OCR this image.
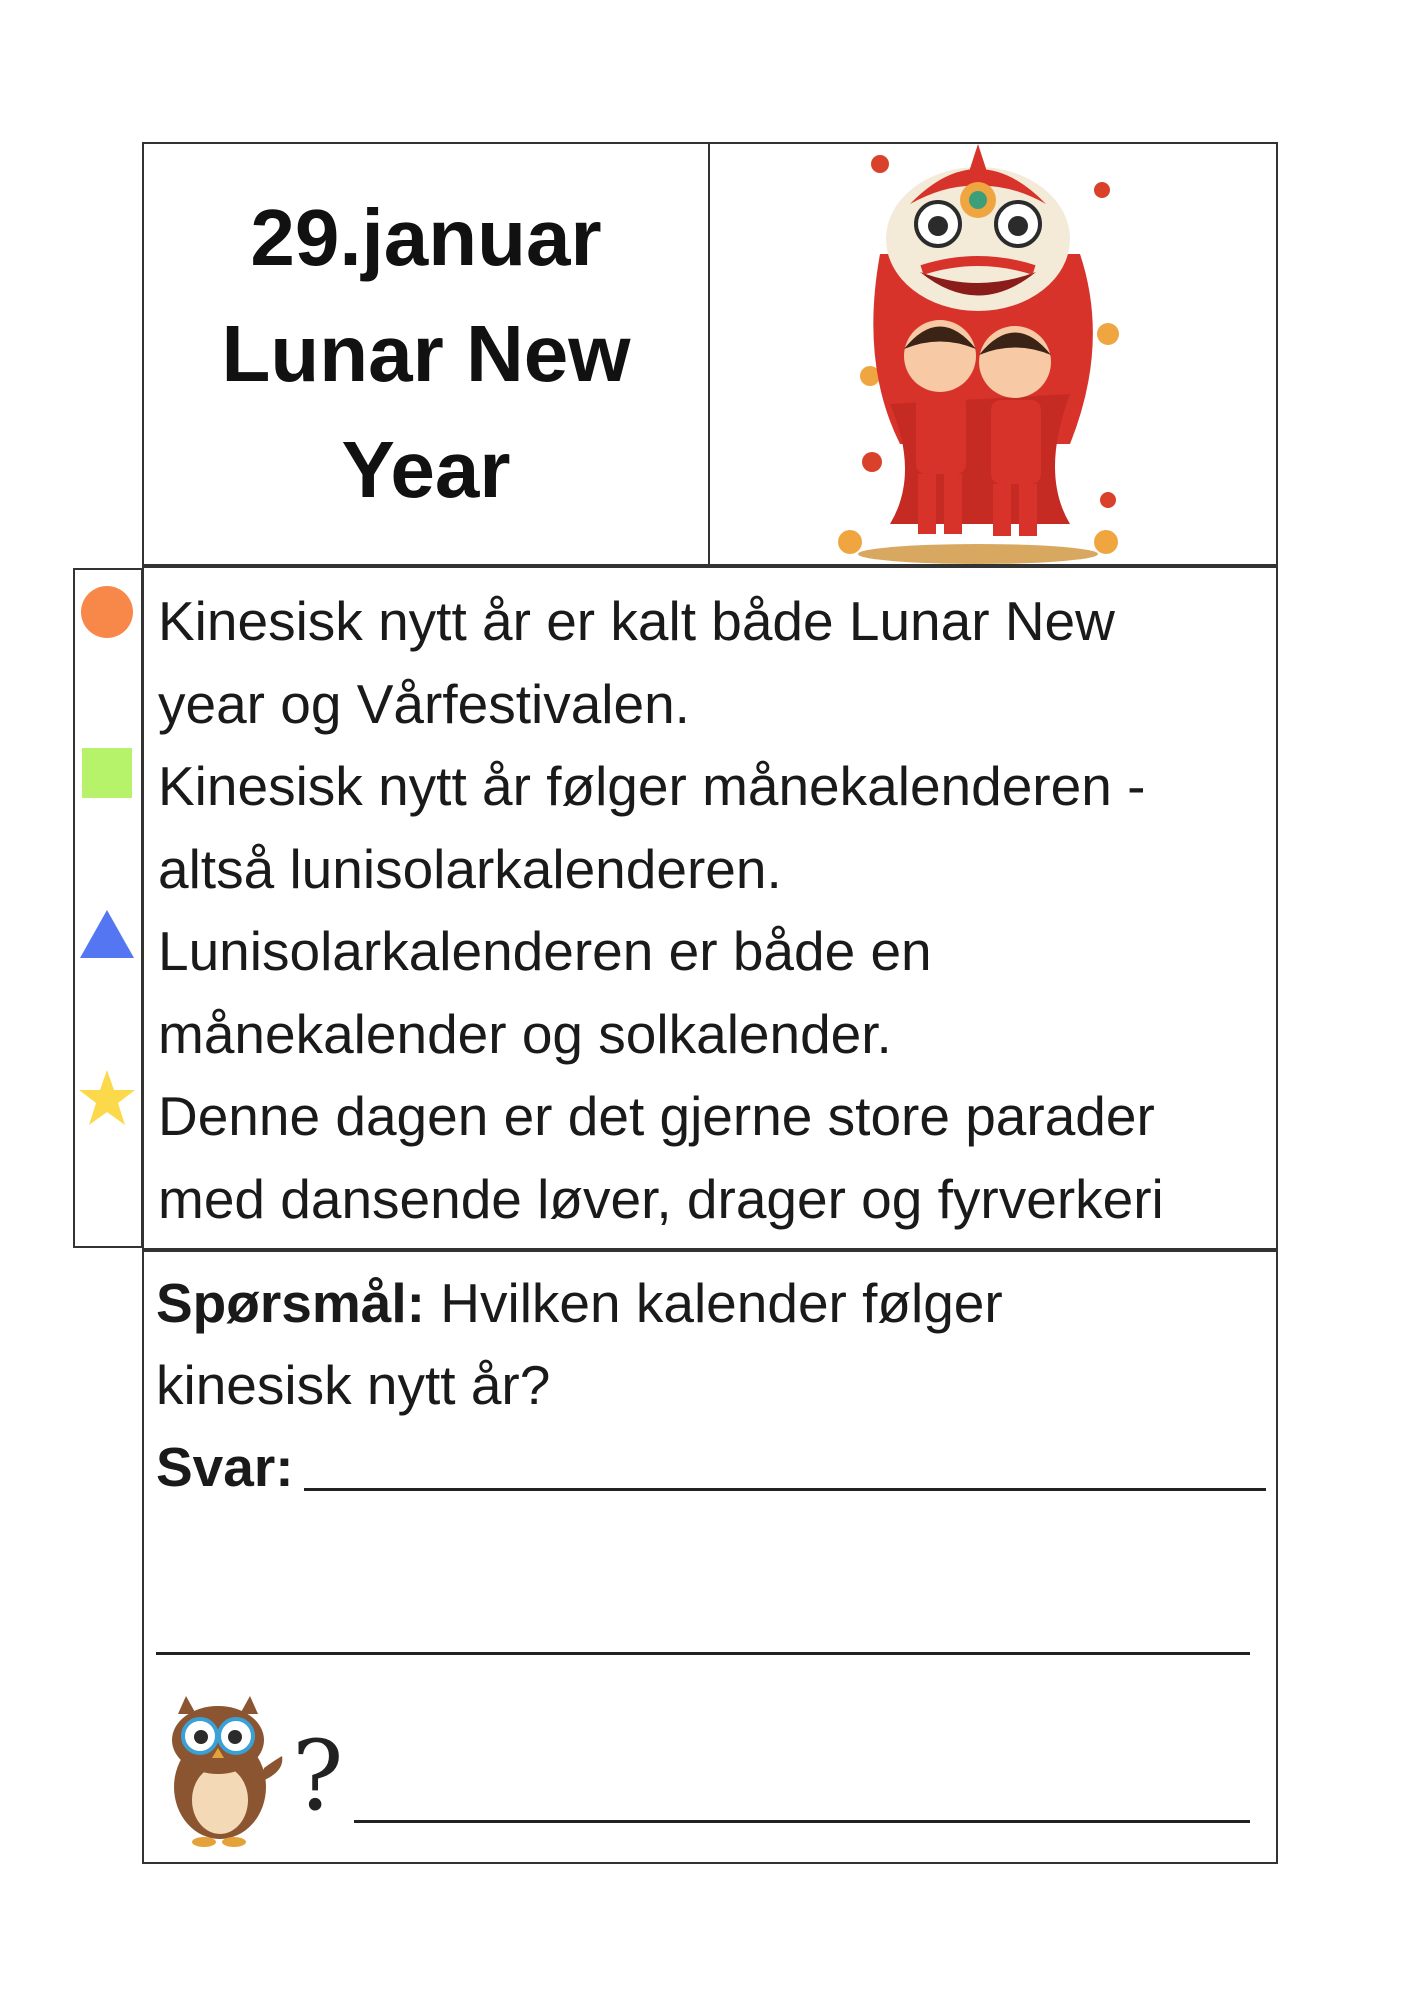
29.januar
Lunar New
Year

Kinesisk nytt år er kalt både Lunar New
year og Vårfestivalen.

Kinesisk nytt år følger månekalenderen -
altså lunisolarkalenderen.

Lunisolarkalenderen er både en
månekalender og solkalender.

Denne dagen er det gjerne store parader
med dansende løver, drager og fyrverkeri

Spørsmål: Hvilken kalender følger

kinesisk nytt år?

Svar:

?
